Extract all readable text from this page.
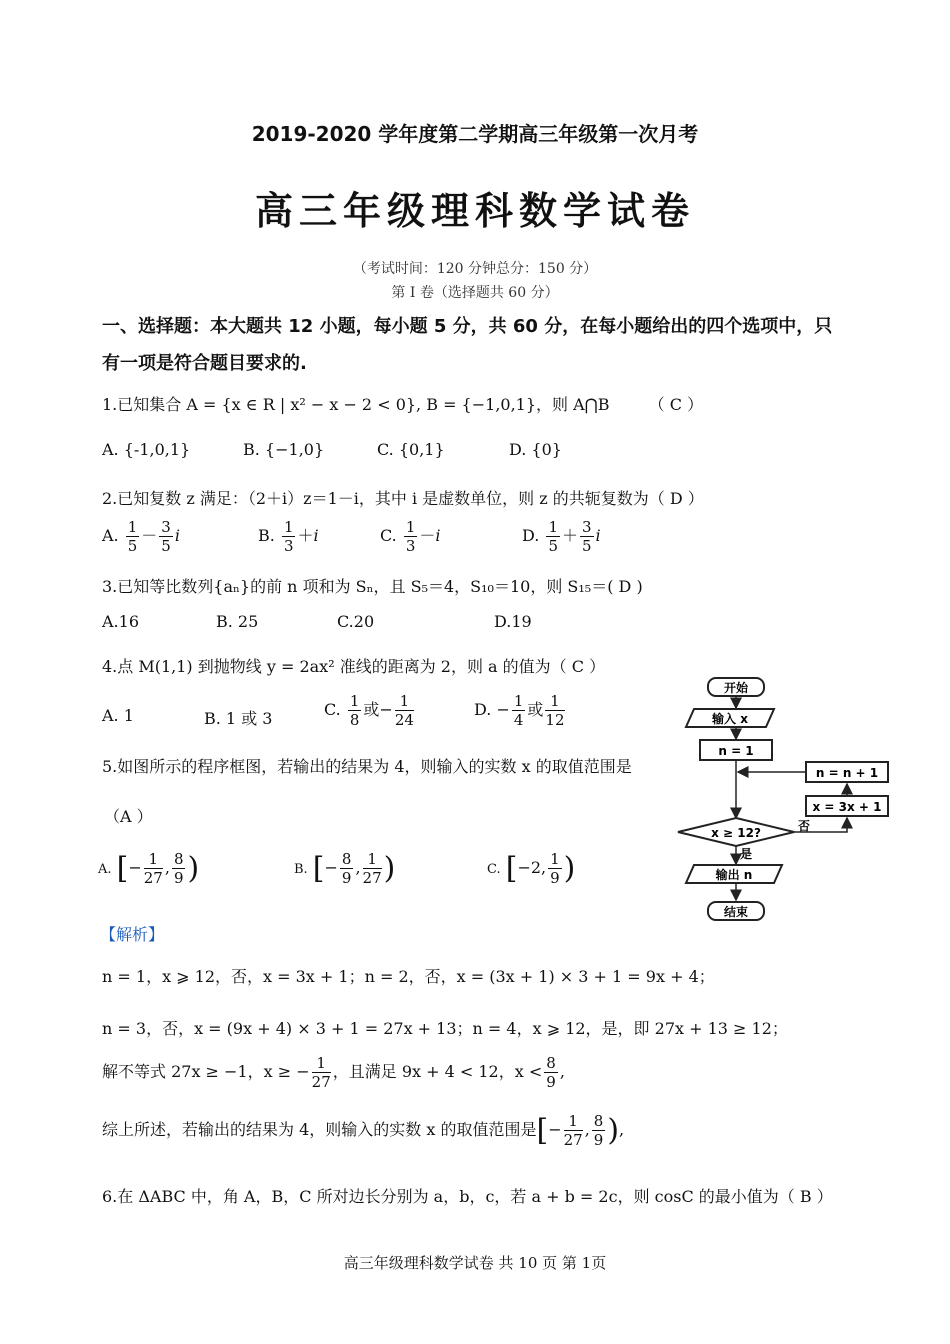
2019-2020 学年度第二学期高三年级第一次月考
高三年级理科数学试卷
（考试时间：120 分钟总分：150 分）
第 I 卷（选择题共 60 分）
一、选择题：本大题共 12 小题，每小题 5 分，共 60 分，在每小题给出的四个选项中，只
有一项是符合题目要求的.
1.已知集合 A = {x ∈ R | x² − x − 2 < 0}, B = {−1,0,1}，则 A⋂B （ C ）
A. {-1,0,1}	B. {−1,0}	C. {0,1}	D. {0}
2.已知复数 z 满足：（2＋i）z＝1－i，其中 i 是虚数单位，则 z 的共轭复数为（ D ）
A. $\frac{1}{5} - \frac{3}{5}$ i	B. $\frac{1}{3} +i$	C. $\frac{1}{3} -i$	D. $\frac{1}{5} + \frac{3}{5}$ i
3.已知等比数列{aₙ}的前 n 项和为 Sₙ，且 S₅＝4，S₁₀＝10，则 S₁₅＝( D )
A.16	B. 25	C.20	D.19
4.点 M(1,1) 到抛物线 y = 2ax² 准线的距离为 2，则 a 的值为（ C ）
A. 1	B. 1 或 3	C. $\frac{1}{8}$ 或− $\frac{1}{24}$	D. − $\frac{1}{4}$ 或 $\frac{1}{12}$
5.如图所示的程序框图，若输出的结果为 4，则输入的实数 x 的取值范围是
（A ）
A. [− $\frac{1}{27}$ , $\frac{8}{9}$ )	B. [− $\frac{8}{9}$ , $\frac{1}{27}$ )	C. [−2, $\frac{1}{9}$ )
开始
输入 x
n = 1
n = n + 1
x = 3x + 1
x ≥ 12?	否
是
输出 n
结束
【解析】
n = 1，x ⩾ 12，否，x = 3x + 1；n = 2，否，x = (3x + 1) × 3 + 1 = 9x + 4；
n = 3，否，x = (9x + 4) × 3 + 1 = 27x + 13；n = 4，x ⩾ 12，是，即 27x + 13 ≥ 12；
解不等式 27x ≥ −1，x ≥ − $\frac{1}{27}$ ，且满足 9x + 4 < 12，$x < \frac{8}{9}$ ,
综上所述，若输出的结果为 4，则输入的实数 x 的取值范围是[− $\frac{1}{27}$ , $\frac{8}{9}$ ),
6.在 ΔABC 中，角 A，B，C 所对边长分别为 a，b，c，若 a + b = 2c，则 cosC 的最小值为（ B ）
高三年级理科数学试卷 共 10 页 第 1页
